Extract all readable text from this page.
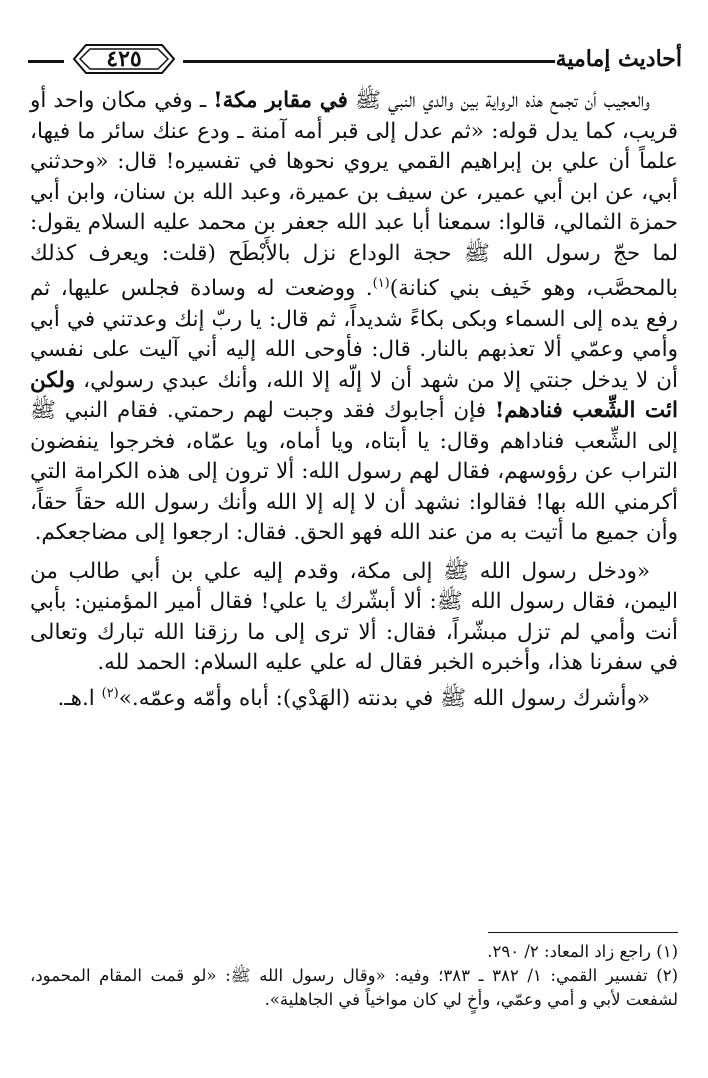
أحاديث إمامية
٤٢٥

والعجيب أن تجمع هذه الرواية بين والدي النبي ﷺ في مقابر مكة! ـ وفي مكان واحد أو قريب، كما يدل قوله: «ثم عدل إلى قبر أمه آمنة ـ ودع عنك سائر ما فيها، علماً أن علي بن إبراهيم القمي يروي نحوها في تفسيره! قال: «وحدثني أبي، عن ابن أبي عمير، عن سيف بن عميرة، وعبد الله بن سنان، وابن أبي حمزة الثمالي، قالوا: سمعنا أبا عبد الله جعفر بن محمد عليه السلام يقول: لما حجّ رسول الله ﷺ حجة الوداع نزل بالأَبْطَح (قلت: ويعرف كذلك بالمحصَّب، وهو خَيف بني كنانة)$^{(١)}$. ووضعت له وسادة فجلس عليها، ثم رفع يده إلى السماء وبكى بكاءً شديداً، ثم قال: يا ربّ إنك وعدتني في أبي وأمي وعمّي ألا تعذبهم بالنار. قال: فأوحى الله إليه أني آليت على نفسي أن لا يدخل جنتي إلا من شهد أن لا إلّه إلا الله، وأنك عبدي رسولي، ولكن ائت الشِّعب فنادهم! فإن أجابوك فقد وجبت لهم رحمتي. فقام النبي ﷺ إلى الشِّعب فناداهم وقال: يا أبتاه، ويا أماه، ويا عمّاه، فخرجوا ينفضون التراب عن رؤوسهم، فقال لهم رسول الله: ألا ترون إلى هذه الكرامة التي أكرمني الله بها! فقالوا: نشهد أن لا إله إلا الله وأنك رسول الله حقاً حقاً، وأن جميع ما أتيت به من عند الله فهو الحق. فقال: ارجعوا إلى مضاجعكم.

«ودخل رسول الله ﷺ إلى مكة، وقدم إليه علي بن أبي طالب من اليمن، فقال رسول الله ﷺ: ألا أبشّرك يا علي! فقال أمير المؤمنين: بأبي أنت وأمي لم تزل مبشّراً، فقال: ألا ترى إلى ما رزقنا الله تبارك وتعالى في سفرنا هذا، وأخبره الخبر فقال له علي عليه السلام: الحمد لله.

«وأشرك رسول الله ﷺ في بدنته (الهَدْي): أباه وأمّه وعمّه.»$^{(٢)}$ ا.هـ.

(١) راجع زاد المعاد: ٢/ ٢٩٠.

(٢) تفسير القمي: ١/ ٣٨٢ ـ ٣٨٣؛ وفيه: «وقال رسول الله ﷺ: «لو قمت المقام المحمود، لشفعت لأبي و أمي وعمّي، وأخٍ لي كان مواخياً في الجاهلية».
